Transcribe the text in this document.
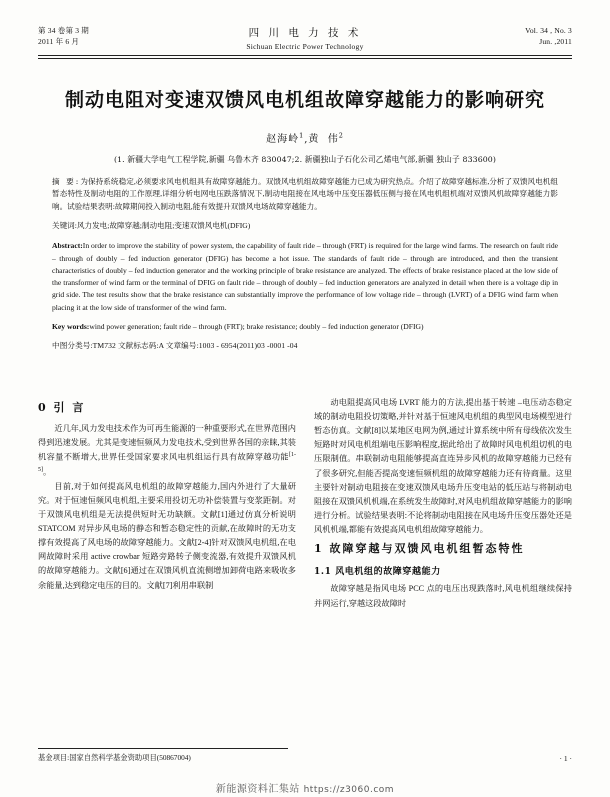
第 34 卷第 3 期
2011 年 6 月
四 川 电 力 技 术
Sichuan Electric Power Technology
Vol. 34 , No. 3
Jun. ,2011
制动电阻对变速双馈风电机组故障穿越能力的影响研究
赵海岭$^1$,黄  伟$^2$
(1. 新疆大学电气工程学院,新疆 乌鲁木齐 830047;2. 新疆独山子石化公司乙烯电气部,新疆 独山子 833600)
摘 要:为保持系统稳定,必须要求风电机组具有故障穿越能力。双馈风电机组故障穿越能力已成为研究热点。介绍了故障穿越标准,分析了双馈风电机组暂态特性及制动电阻的工作原理,详细分析电网电压跌落情况下,制动电阻接在风电场中压变压器低压侧与接在风电机组机端对双馈风机故障穿越能力影响。试验结果表明:故障期间投入制动电阻,能有效提升双馈风电场故障穿越能力。
关键词:风力发电;故障穿越;制动电阻;变速双馈风电机(DFIG)
Abstract:In order to improve the stability of power system, the capability of fault ride – through (FRT) is required for the large wind farms. The research on fault ride – through of doubly – fed induction generator (DFIG) has become a hot issue. The standards of fault ride – through are introduced, and then the transient characteristics of doubly – fed induction generator and the working principle of brake resistance are analyzed. The effects of brake resistance placed at the low side of the transformer of wind farm or the terminal of DFIG on fault ride – through of doubly – fed induction generators are analyzed in detail when there is a voltage dip in grid side. The test results show that the brake resistance can substantially improve the performance of low voltage ride – through (LVRT) of a DFIG wind farm when placing it at the low side of transformer of the wind farm.
Key words:wind power generation; fault ride – through (FRT); brake resistance; doubly – fed induction generator (DFIG)
中图分类号:TM732 文献标志码:A 文章编号:1003 - 6954(2011)03 -0001 -04
0 引 言

近几年,风力发电技术作为可再生能源的一种重要形式,在世界范围内得到迅速发展。尤其是变速恒频风力发电技术,受到世界各国的亲睐,其装机容量不断增大,世界任受国家要求风电机组运行具有故障穿越功能[1-5]。

目前,对于如何提高风电机组的故障穿越能力,国内外进行了大量研究。对于恒速恒频风电机组,主要采用投切无功补偿装置与变浆距制。对于双馈风电机组是无法提供短时无功缺额。文献[1]通过仿真分析说明 STATCOM 对异步风电场的静态和暂态稳定性的贡献,在故障时的无功支撑有效提高了风电场的故障穿越能力。文献[2-4]针对双馈风电机组,在电网故障时采用 active crowbar 短路旁路转子侧变流器,有效提升双馈风机的故障穿越能力。文献[6]通过在双馈风机直流侧增加卸荷电路来吸收多余能量,达到稳定电压的目的。文献[7]利用串联制

动电阻提高风电场 LVRT 能力的方法,提出基于转速 –电压动态稳定域的制动电阻投切策略,并针对基于恒速风电机组的典型风电场模型进行暂态仿真。文献[8]以某地区电网为例,通过计算系统中所有母线依次发生短路时对风电机组端电压影响程度,据此给出了故障时风电机组切机的电压限制值。串联制动电阻能够提高直连异步风机的故障穿越能力已经有了很多研究,但能否提高变速恒频机组的故障穿越能力还有待商量。这里主要针对制动电阻接在变速双馈风电场升压变电站的低压站与将制动电阻接在双馈风机机端,在系统发生故障时,对风电机组故障穿越能力的影响进行分析。试验结果表明:不论将制动电阻接在风电场升压变压器处还是风机机端,都能有效提高风电机组故障穿越能力。

1 故障穿越与双馈风电机组暂态特性
1.1 风电机组的故障穿越能力

故障穿越是指风电场 PCC 点的电压出现跌落时,风电机组继续保持并网运行,穿越这段故障时

基金项目:国家自然科学基金资助项目(50867004)	· 1 ·
新能源资料汇集站 https://z3060.com
